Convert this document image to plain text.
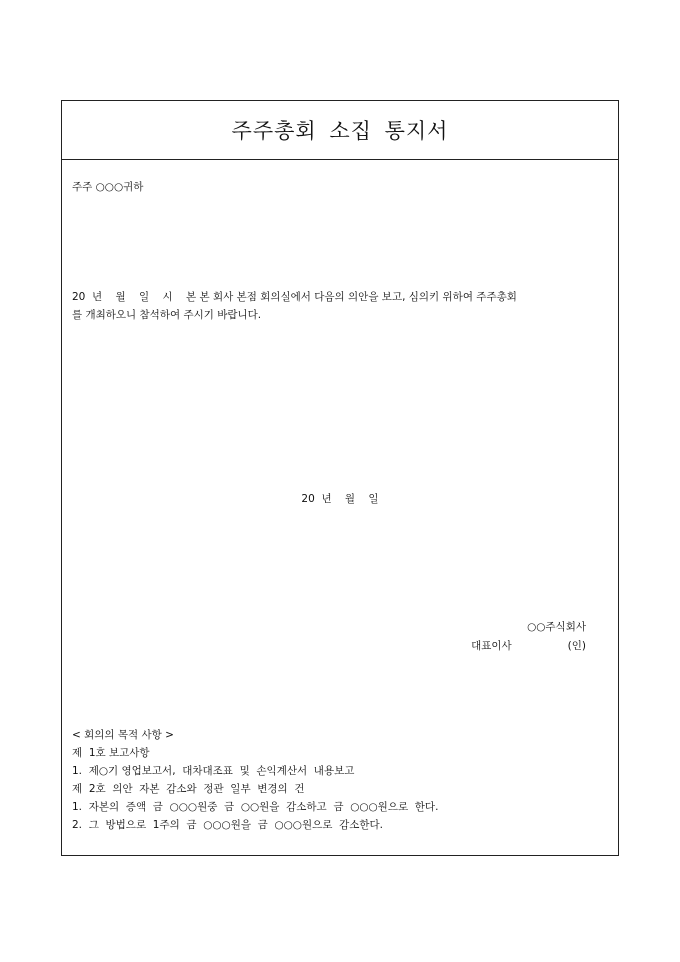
주주총회 소집 통지서
주주 ○○○귀하
20  년    월    일    시    본 본 회사 본점 회의실에서 다음의 의안을 보고, 심의키 위하여 주주총회
를 개최하오니 참석하여 주시기 바랍니다.
20  년    월    일
○○주식회사
대표이사	(인)
< 회의의 목적 사항 >
제  1호 보고사항
1.  제○기 영업보고서,  대차대조표  및  손익계산서  내용보고
제  2호  의안  자본  감소와  정관  일부  변경의  건
1.  자본의  증액  금  ○○○원중  금  ○○원을  감소하고  금  ○○○원으로  한다.
2.  그  방법으로  1주의  금  ○○○원을  금  ○○○원으로  감소한다.
